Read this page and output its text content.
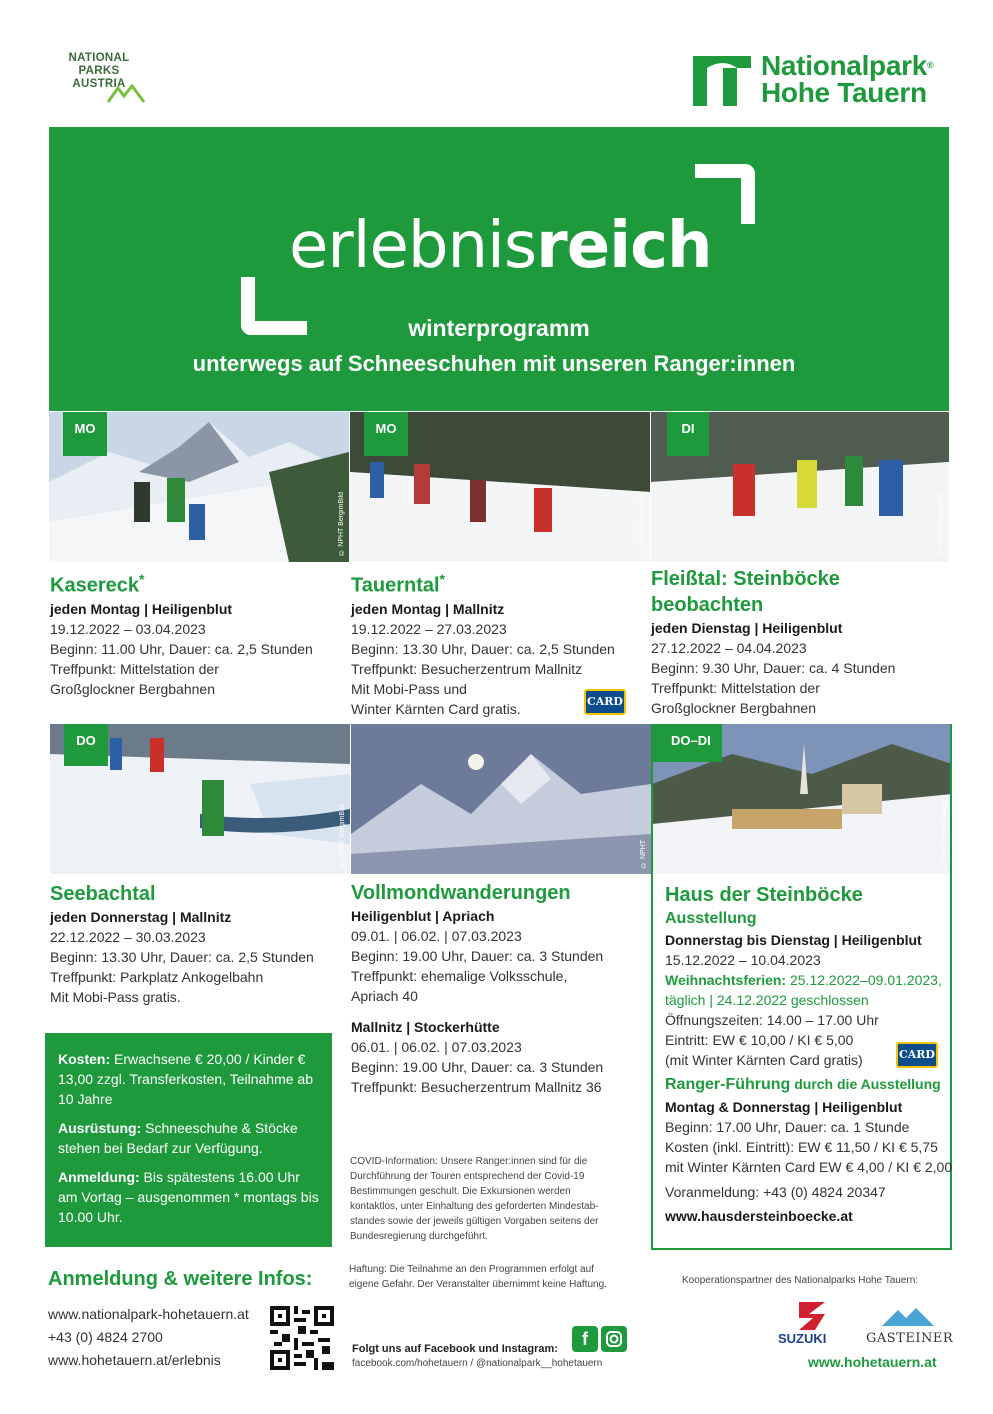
NATIONAL
PARKS
AUSTRIA
Nationalpark®
Hohe Tauern
erlebnisreich
winterprogramm
unterwegs auf Schneeschuhen mit unseren Ranger:innen
MO
© NPHT BergimBild
MO
© NPHT BergimBild
DI
© NPHT BergimBild
Kasereck*
jeden Montag | Heiligenblut
19.12.2022 – 03.04.2023
Beginn: 11.00 Uhr, Dauer: ca. 2,5 Stunden
Treffpunkt: Mittelstation der
Großglockner Bergbahnen
Tauerntal*
jeden Montag | Mallnitz
19.12.2022 – 27.03.2023
Beginn: 13.30 Uhr, Dauer: ca. 2,5 Stunden
Treffpunkt: Besucherzentrum Mallnitz
Mit Mobi-Pass und
Winter Kärnten Card gratis.	CARD
Fleißtal: Steinböcke
beobachten
jeden Dienstag | Heiligenblut
27.12.2022 – 04.04.2023
Beginn: 9.30 Uhr, Dauer: ca. 4 Stunden
Treffpunkt: Mittelstation der
Großglockner Bergbahnen
DO
© NPHT BergimBild	© NPHT
DO–DI
© NPHT Peter Rieger
Seebachtal
jeden Donnerstag | Mallnitz
22.12.2022 – 30.03.2023
Beginn: 13.30 Uhr, Dauer: ca. 2,5 Stunden
Treffpunkt: Parkplatz Ankogelbahn
Mit Mobi-Pass gratis.
Vollmondwanderungen
Heiligenblut | Apriach
09.01. | 06.02. | 07.03.2023
Beginn: 19.00 Uhr, Dauer: ca. 3 Stunden
Treffpunkt: ehemalige Volksschule,
Apriach 40
Mallnitz | Stockerhütte
06.01. | 06.02. | 07.03.2023
Beginn: 19.00 Uhr, Dauer: ca. 3 Stunden
Treffpunkt: Besucherzentrum Mallnitz 36
Haus der Steinböcke
Ausstellung
Donnerstag bis Dienstag | Heiligenblut
15.12.2022 – 10.04.2023
Weihnachtsferien: 25.12.2022–09.01.2023,
täglich | 24.12.2022 geschlossen
Öffnungszeiten: 14.00 – 17.00 Uhr
Eintritt: EW € 10,00 / KI € 5,00
(mit Winter Kärnten Card gratis)
Ranger-Führung durch die Ausstellung
Montag & Donnerstag | Heiligenblut
Beginn: 17.00 Uhr, Dauer: ca. 1 Stunde
Kosten (inkl. Eintritt): EW € 11,50 / KI € 5,75
mit Winter Kärnten Card EW € 4,00 / KI € 2,00
Voranmeldung: +43 (0) 4824 20347
www.hausdersteinboecke.at
CARD

Kosten: Erwachsene € 20,00 / Kinder € 13,00 zzgl. Transferkosten, Teilnahme ab 10 Jahre

Ausrüstung: Schneeschuhe & Stöcke stehen bei Bedarf zur Verfügung.

Anmeldung: Bis spätestens 16.00 Uhr am Vortag – ausgenommen * montags bis 10.00 Uhr.

COVID-Information: Unsere Ranger:innen sind für die
Durchführung der Touren entsprechend der Covid-19
Bestimmungen geschult. Die Exkursionen werden
kontaktlos, unter Einhaltung des geforderten Mindestab-
standes sowie der jeweils gültigen Vorgaben seitens der
Bundesregierung durchgeführt.
Haftung: Die Teilnahme an den Programmen erfolgt auf
eigene Gefahr. Der Veranstalter übernimmt keine Haftung.
Anmeldung & weitere Infos:
www.nationalpark-hohetauern.at
+43 (0) 4824 2700
www.hohetauern.at/erlebnis
Folgt uns auf Facebook und Instagram:
facebook.com/hohetauern / @nationalpark__hohetauern
f
Kooperationspartner des Nationalparks Hohe Tauern:
SUZUKI	GASTEINER
www.hohetauern.at
